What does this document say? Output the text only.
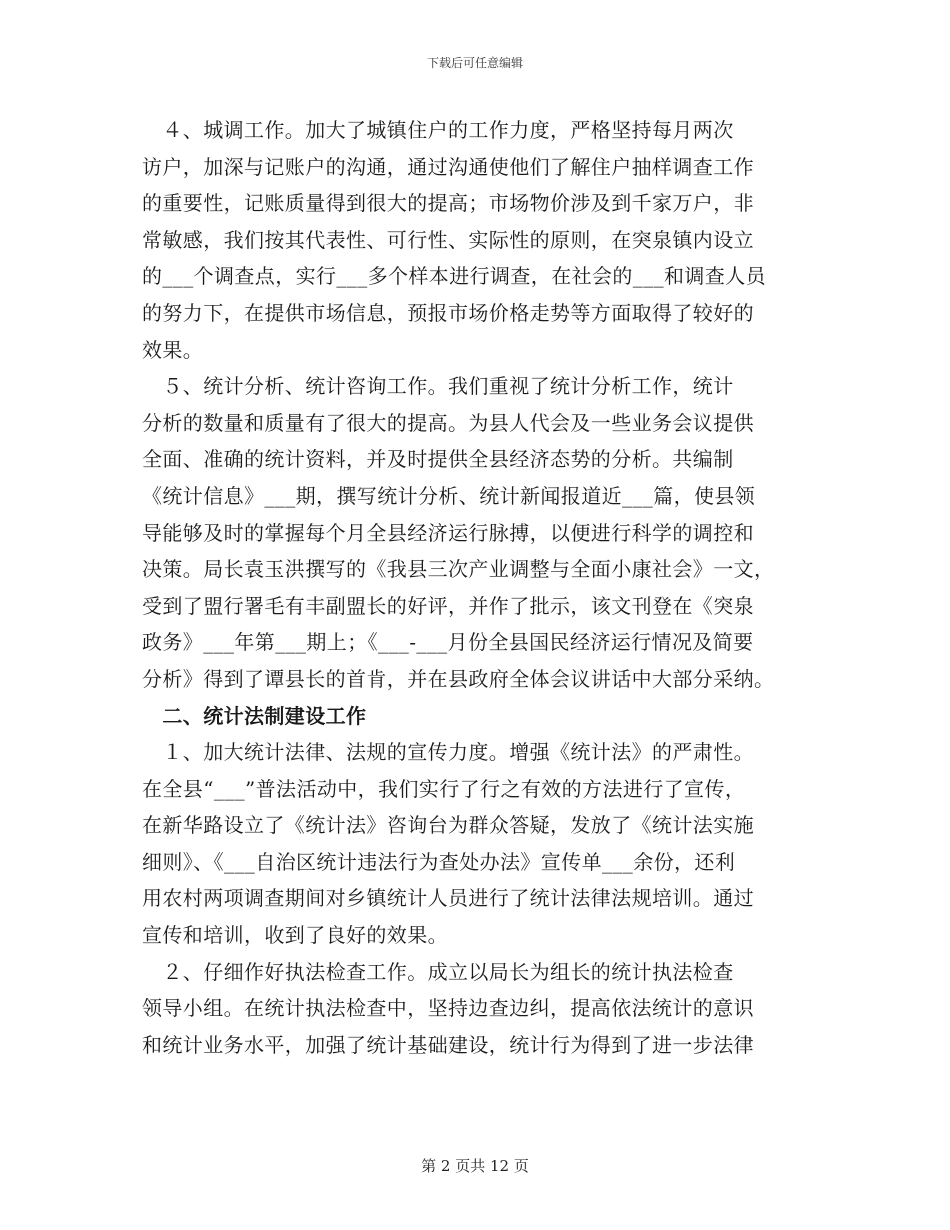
下载后可任意编辑

　４、城调工作。加大了城镇住户的工作力度，严格坚持每月两次

访户，加深与记账户的沟通，通过沟通使他们了解住户抽样调查工作

的重要性，记账质量得到很大的提高；市场物价涉及到千家万户，非

常敏感，我们按其代表性、可行性、实际性的原则，在突泉镇内设立

的___个调查点，实行___多个样本进行调查，在社会的___和调查人员

的努力下，在提供市场信息，预报市场价格走势等方面取得了较好的

效果。

　５、统计分析、统计咨询工作。我们重视了统计分析工作，统计

分析的数量和质量有了很大的提高。为县人代会及一些业务会议提供

全面、准确的统计资料，并及时提供全县经济态势的分析。共编制

《统计信息》___期，撰写统计分析、统计新闻报道近___篇，使县领

导能够及时的掌握每个月全县经济运行脉搏，以便进行科学的调控和

决策。局长袁玉洪撰写的《我县三次产业调整与全面小康社会》一文，

受到了盟行署毛有丰副盟长的好评，并作了批示，该文刊登在《突泉

政务》___年第___期上；《___-___月份全县国民经济运行情况及简要

分析》得到了谭县长的首肯，并在县政府全体会议讲话中大部分采纳。

　二、统计法制建设工作

　１、加大统计法律、法规的宣传力度。增强《统计法》的严肃性。

在全县“___”普法活动中，我们实行了行之有效的方法进行了宣传，

在新华路设立了《统计法》咨询台为群众答疑，发放了《统计法实施

细则》、《___自治区统计违法行为查处办法》宣传单___余份，还利

用农村两项调查期间对乡镇统计人员进行了统计法律法规培训。通过

宣传和培训，收到了良好的效果。

　２、仔细作好执法检查工作。成立以局长为组长的统计执法检查

领导小组。在统计执法检查中，坚持边查边纠，提高依法统计的意识

和统计业务水平，加强了统计基础建设，统计行为得到了进一步法律

第 2 页共 12 页
